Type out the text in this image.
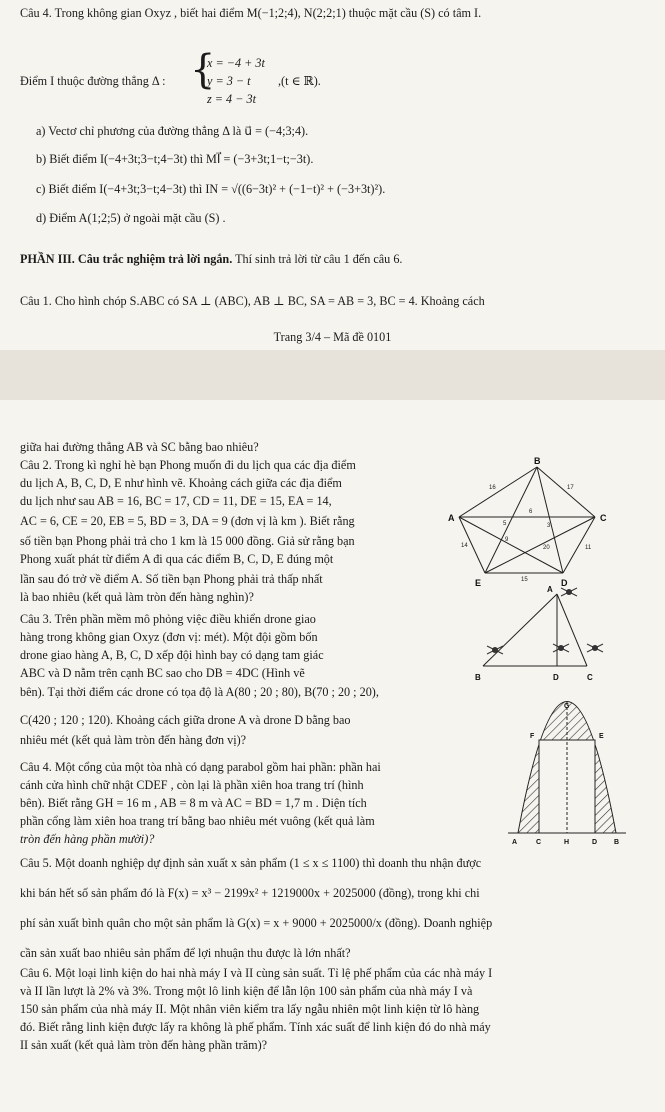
Câu 4. Trong không gian Oxyz , biết hai điểm M(−1;2;4), N(2;2;1) thuộc mặt cầu (S) có tâm I.
Điểm I thuộc đường thẳng Δ : {
x = −4 + 3t
y = 3 − t
z = 4 − 3t
,(t ∈ ℝ).
a) Vectơ chỉ phương của đường thẳng Δ là u⃗ = (−4;3;4).
b) Biết điểm I(−4+3t;3−t;4−3t) thì MI⃗ = (−3+3t;1−t;−3t).
c) Biết điểm I(−4+3t;3−t;4−3t) thì IN = √((6−3t)² + (−1−t)² + (−3+3t)²).
d) Điểm A(1;2;5) ở ngoài mặt cầu (S) .
PHẦN III. Câu trắc nghiệm trả lời ngắn. Thí sinh trả lời từ câu 1 đến câu 6.
Câu 1. Cho hình chóp S.ABC có SA ⊥ (ABC), AB ⊥ BC, SA = AB = 3, BC = 4. Khoảng cách
Trang 3/4 – Mã đề 0101
giữa hai đường thẳng AB và SC bằng bao nhiêu?
Câu 2. Trong kì nghỉ hè bạn Phong muốn đi du lịch qua các địa điểm
du lịch A, B, C, D, E như hình vẽ. Khoảng cách giữa các địa điểm
du lịch như sau AB = 16, BC = 17, CD = 11, DE = 15, EA = 14,
AC = 6, CE = 20, EB = 5, BD = 3, DA = 9 (đơn vị là km ). Biết rằng
số tiền bạn Phong phải trả cho 1 km là 15 000 đồng. Giả sử rằng bạn
Phong xuất phát từ điểm A đi qua các điểm B, C, D, E đúng một
lần sau đó trở về điểm A. Số tiền bạn Phong phải trả thấp nhất
là bao nhiêu (kết quả làm tròn đến hàng nghìn)?
B
A	C
E	D
16	17
6
14
5	3
20	11
15
9
Câu 3. Trên phần mềm mô phỏng việc điều khiển drone giao
hàng trong không gian Oxyz (đơn vị: mét). Một đội gồm bốn
drone giao hàng A, B, C, D xếp đội hình bay có dạng tam giác
ABC và D nằm trên cạnh BC sao cho DB = 4DC (Hình vẽ
bên). Tại thời điểm các drone có tọa độ là A(80 ; 20 ; 80), B(70 ; 20 ; 20),
C(420 ; 120 ; 120). Khoảng cách giữa drone A và drone D bằng bao
nhiêu mét (kết quả làm tròn đến hàng đơn vị)?
A
B	D	C
Câu 4. Một cổng của một tòa nhà có dạng parabol gồm hai phần: phần hai
cánh cửa hình chữ nhật CDEF , còn lại là phần xiên hoa trang trí (hình
bên). Biết rằng GH = 16 m , AB = 8 m và AC = BD = 1,7 m . Diện tích
phần cổng làm xiên hoa trang trí bằng bao nhiêu mét vuông (kết quả làm
tròn đến hàng phần mười)?
G
F	E
A	C	H	D B
Câu 5. Một doanh nghiệp dự định sản xuất x sản phẩm (1 ≤ x ≤ 1100) thì doanh thu nhận được
khi bán hết số sản phẩm đó là F(x) = x³ − 2199x² + 1219000x + 2025000 (đồng), trong khi chi
phí sản xuất bình quân cho một sản phẩm là G(x) = x + 9000 + 2025000/x (đồng). Doanh nghiệp
cần sản xuất bao nhiêu sản phẩm để lợi nhuận thu được là lớn nhất?
Câu 6. Một loại linh kiện do hai nhà máy I và II cùng sản suất. Tỉ lệ phế phẩm của các nhà máy I
và II lần lượt là 2% và 3%. Trong một lô linh kiện để lẫn lộn 100 sản phẩm của nhà máy I và
150 sản phẩm của nhà máy II. Một nhân viên kiểm tra lấy ngẫu nhiên một linh kiện từ lô hàng
đó. Biết rằng linh kiện được lấy ra không là phế phẩm. Tính xác suất để linh kiện đó do nhà máy
II sản xuất (kết quả làm tròn đến hàng phần trăm)?
